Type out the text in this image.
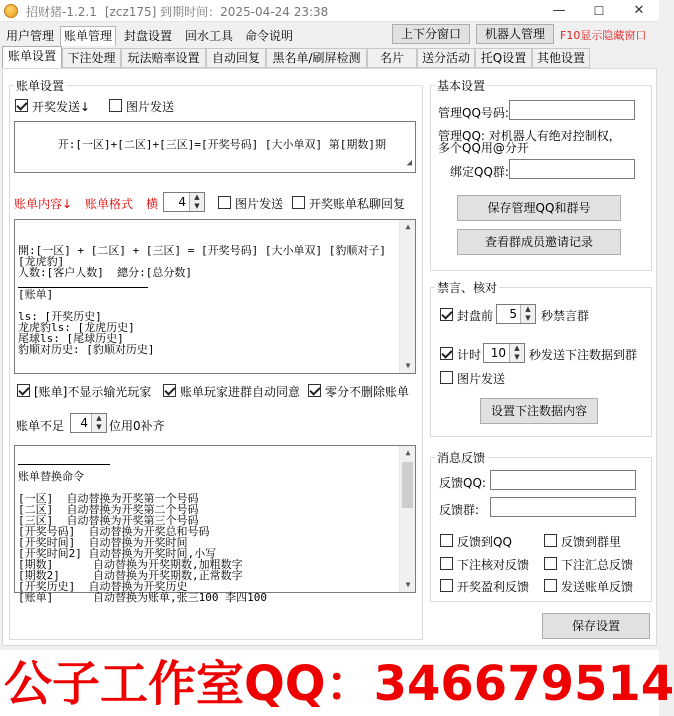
招财猪-1.2.1 [zcz175] 到期时间：2025-04-24 23:38	—	☐	✕
用户管理 账单管理 封盘设置	回水工具 命令说明	上下分窗口	机器人管理	F10显示隐藏窗口
账单设置 下注处理 玩法赔率设置	自动回复	黑名单/刷屏检测	名片	送分活动 托Q设置 其他设置
账单设置
开奖发送↓	图片发送

开:[一区]+[二区]+[三区]=[开奖号码] [大小单双] 第[期数]期

◢

账单内容↓ 账单格式 横 4	▲
▼	图片发送 开奖账单私聊回复

開:[一区] + [二区] + [三区] = [开奖号码] [大小单双] [豹顺对子]
[龙虎豹]
人数:[客户人数]  總分:[总分数]
[账单]
ls: [开奖历史]
龙虎豹ls: [龙虎历史]
尾球ls: [尾球历史]
豹顺对历史: [豹顺对历史]

▲

▼

[账单]不显示输光玩家 账单玩家进群自动同意 零分不删除账单
账单不足 4	▲
▼ 位用0补齐

账单替换命令
[一区]  自动替换为开奖第一个号码
[二区]  自动替换为开奖第二个号码
[三区]  自动替换为开奖第三个号码
[开奖号码]  自动替换为开奖总和号码
[开奖时间]  自动替换为开奖时间
[开奖时间2] 自动替换为开奖时间,小写
[期数]      自动替换为开奖期数,加粗数字
[期数2]     自动替换为开奖期数,正常数字
[开奖历史]  自动替换为开奖历史
[账单]      自动替换为账单,张三100 李四100

▲

▼

基本设置
管理QQ号码:
管理QQ: 对机器人有绝对控制权，
多个QQ用@分开
绑定QQ群:
保存管理QQ和群号
查看群成员邀请记录
禁言、核对
封盘前 5	▲
▼ 秒禁言群
计时 10	▲
▼ 秒发送下注数据到群
图片发送
设置下注数据内容
消息反馈
反馈QQ:
反馈群:
反馈到QQ	反馈到群里
下注核对反馈	下注汇总反馈
开奖盈利反馈	发送账单反馈
保存设置
公子工作室QQ：346679514
